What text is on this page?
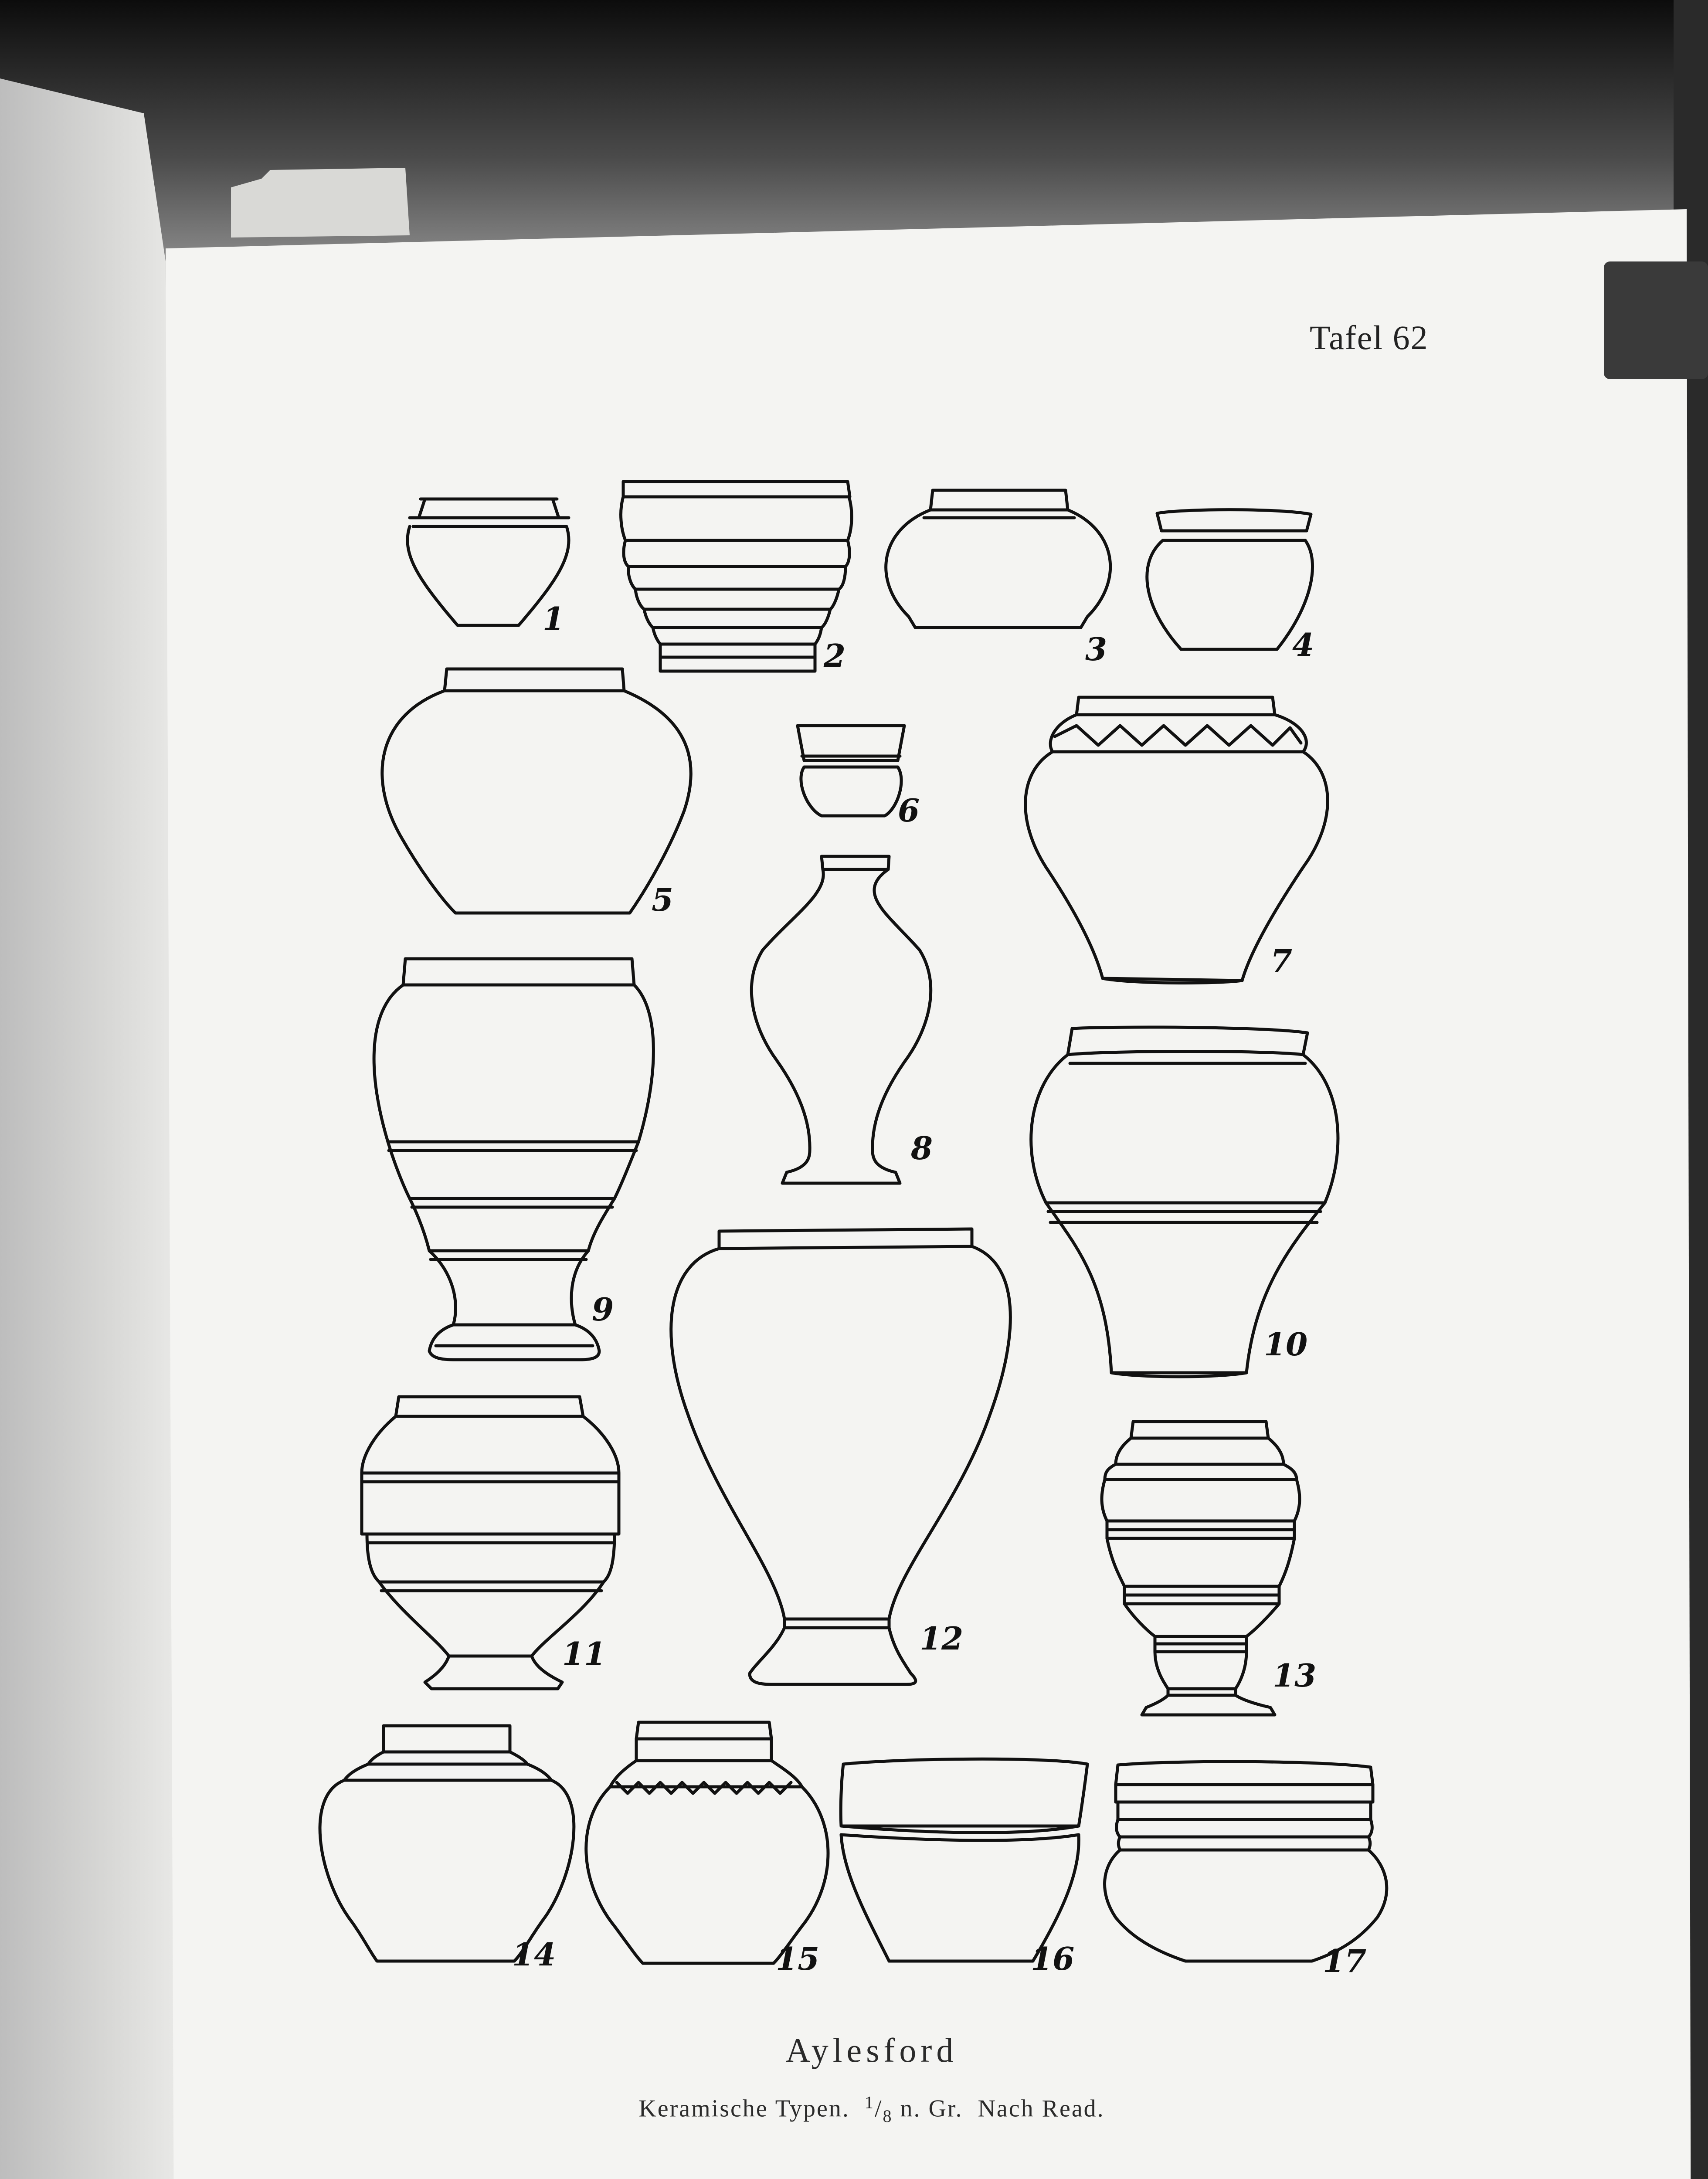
1
2	3	4
5
6
7
8
9
10
11	12
13
14	15	16	17
Tafel 62
Aylesford
Keramische Typen. $^1/_8$ n. Gr. Nach Read.
